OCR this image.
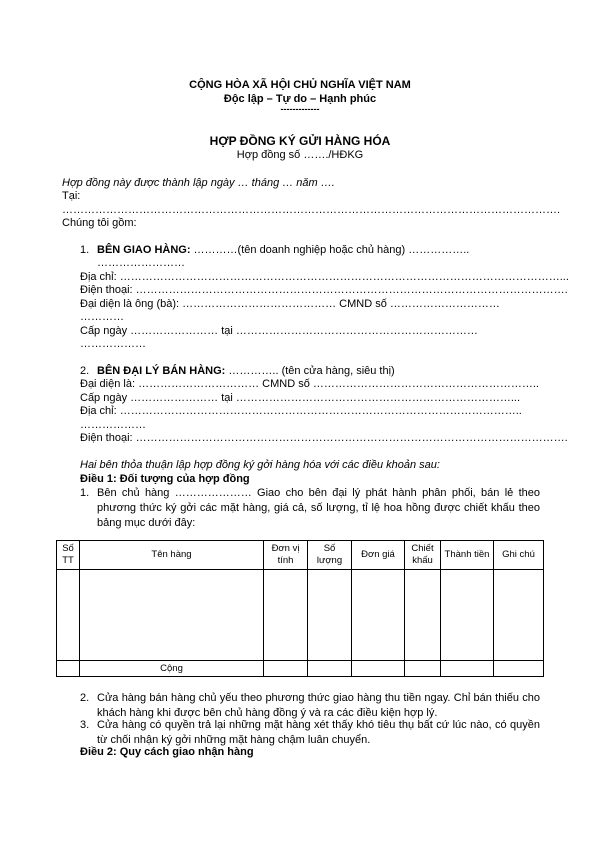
CỘNG HÒA XÃ HỘI CHỦ NGHĨA VIỆT NAM
Độc lập – Tự do – Hạnh phúc
-------------
HỢP ĐỒNG KÝ GỬI HÀNG HÓA
Hợp đồng số ……./HĐKG
Hợp đồng này được thành lập ngày … tháng … năm ….
Tại:
……………………………………………………………………………………………………………………….
Chúng tôi gồm:
1. BÊN GIAO HÀNG: …………(tên doanh nghiệp hoặc chủ hàng) ……………..
……………………
Địa chỉ: …………………………………………………………………………………………………………...
Điện thoại: ……………………………………………………………………………………………………….
Đại diện là ông (bà): …………………………………… CMND số …………………………
…………
Cấp ngày …………………… tại …………………………………………………………
………………
2. BÊN ĐẠI LÝ BÁN HÀNG: ………….. (tên cửa hàng, siêu thị)
Đại diện là: …………………………… CMND số ……………………………………………………..
Cấp ngày …………………… tại …………………………………………………………………...
Địa chỉ: ………………………………………………………………………………………………..
………………
Điện thoại: ……………………………………………………………………………………………………….
Hai bên thỏa thuận lập hợp đồng ký gởi hàng hóa với các điều khoản sau:
Điều 1: Đối tượng của hợp đồng
1. Bên chủ hàng ………………… Giao cho bên đại lý phát hành phân phối, bán lẻ theo phương thức ký gởi các mặt hàng, giá cả, số lượng, tỉ lệ hoa hồng được chiết khấu theo bảng mục dưới đây:
Số TT	Tên hàng	Đơn vị tính	Số lượng	Đơn giá	Chiết khấu	Thành tiền	Ghi chú

	Cộng						
2. Cửa hàng bán hàng chủ yếu theo phương thức giao hàng thu tiền ngay. Chỉ bán thiếu cho khách hàng khi được bên chủ hàng đồng ý và ra các điều kiện hợp lý.
3. Cửa hàng có quyền trả lại những mặt hàng xét thấy khó tiêu thụ bất cứ lúc nào, có quyền từ chối nhận ký gởi những mặt hàng chậm luân chuyển.
Điều 2: Quy cách giao nhận hàng
